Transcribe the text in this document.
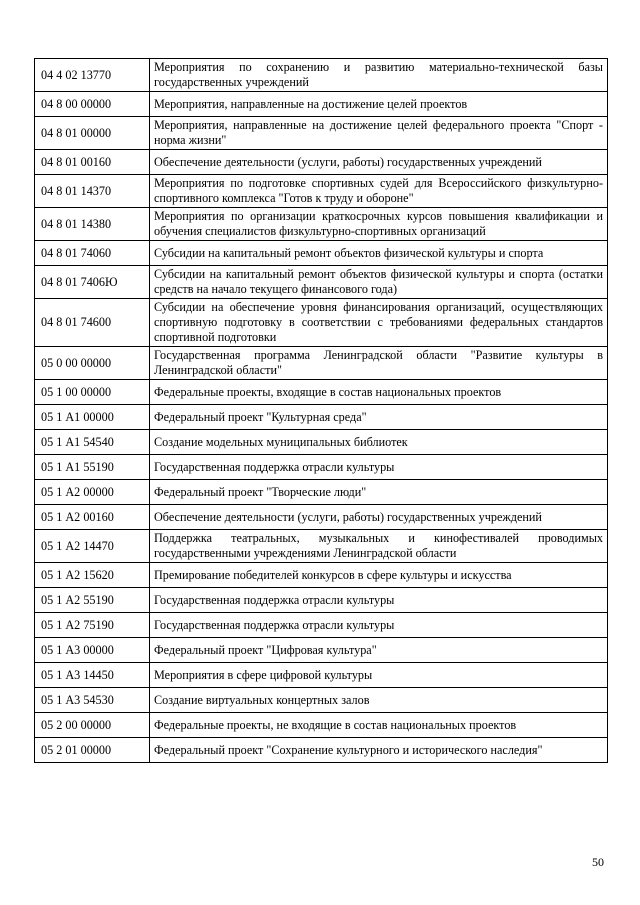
04 4 02 13770	Мероприятия по сохранению и развитию материально-технической базы государственных учреждений
04 8 00 00000	Мероприятия, направленные на достижение целей проектов
04 8 01 00000	Мероприятия, направленные на достижение целей федерального проекта "Спорт - норма жизни"
04 8 01 00160	Обеспечение деятельности (услуги, работы) государственных учреждений
04 8 01 14370	Мероприятия по подготовке спортивных судей для Всероссийского физкультурно-спортивного комплекса "Готов к труду и обороне"
04 8 01 14380	Мероприятия по организации краткосрочных курсов повышения квалификации и обучения специалистов физкультурно-спортивных организаций
04 8 01 74060	Субсидии на капитальный ремонт объектов физической культуры и спорта
04 8 01 7406Ю	Субсидии на капитальный ремонт объектов физической культуры и спорта (остатки средств на начало текущего финансового года)
04 8 01 74600	Субсидии на обеспечение уровня финансирования организаций, осуществляющих спортивную подготовку в соответствии с требованиями федеральных стандартов спортивной подготовки
05 0 00 00000	Государственная программа Ленинградской области "Развитие культуры в Ленинградской области"
05 1 00 00000	Федеральные проекты, входящие в состав национальных проектов
05 1 А1 00000	Федеральный проект "Культурная среда"
05 1 А1 54540	Создание модельных муниципальных библиотек
05 1 А1 55190	Государственная поддержка отрасли культуры
05 1 А2 00000	Федеральный проект "Творческие люди"
05 1 А2 00160	Обеспечение деятельности (услуги, работы) государственных учреждений
05 1 А2 14470	Поддержка театральных, музыкальных и кинофестивалей проводимых государственными учреждениями Ленинградской области
05 1 А2 15620	Премирование победителей конкурсов в сфере культуры и искусства
05 1 А2 55190	Государственная поддержка отрасли культуры
05 1 А2 75190	Государственная поддержка отрасли культуры
05 1 А3 00000	Федеральный проект "Цифровая культура"
05 1 А3 14450	Мероприятия в сфере цифровой культуры
05 1 А3 54530	Создание виртуальных концертных залов
05 2 00 00000	Федеральные проекты, не входящие в состав национальных проектов
05 2 01 00000	Федеральный проект "Сохранение культурного и исторического наследия"
50
